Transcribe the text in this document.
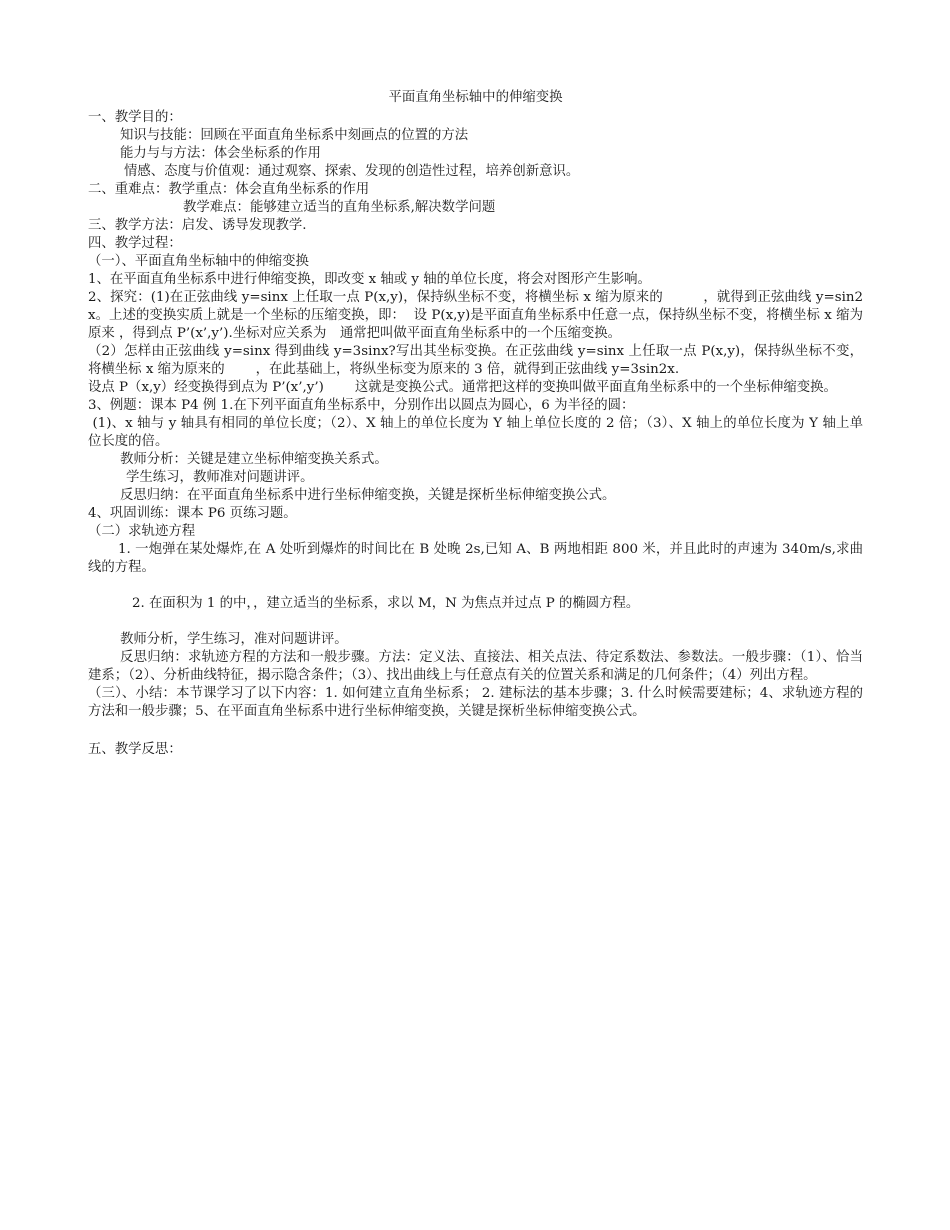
平面直角坐标轴中的伸缩变换

一、教学目的：

知识与技能：回顾在平面直角坐标系中刻画点的位置的方法

能力与与方法：体会坐标系的作用

情感、态度与价值观：通过观察、探索、发现的创造性过程，培养创新意识。

二、重难点：教学重点：体会直角坐标系的作用

教学难点：能够建立适当的直角坐标系,解决数学问题

三、教学方法：启发、诱导发现教学.

四、教学过程：

（一）、平面直角坐标轴中的伸缩变换

1、在平面直角坐标系中进行伸缩变换，即改变 x 轴或 y 轴的单位长度，将会对图形产生影响。

2、探究：(1)在正弦曲线 y=sinx 上任取一点 P(x,y)，保持纵坐标不变，将横坐标 x 缩为原来的　　　，就得到正弦曲线 y=sin2x。上述的变换实质上就是一个坐标的压缩变换，即：  设 P(x,y)是平面直角坐标系中任意一点，保持纵坐标不变，将横坐标 x 缩为原来 ，得到点 P’(x’,y’).坐标对应关系为　通常把叫做平面直角坐标系中的一个压缩变换。

（2）怎样由正弦曲线 y=sinx 得到曲线 y=3sinx?写出其坐标变换。在正弦曲线 y=sinx 上任取一点 P(x,y)，保持纵坐标不变，将横坐标 x 缩为原来的　　 ，在此基础上，将纵坐标变为原来的 3 倍，就得到正弦曲线 y=3sin2x.

设点 P（x,y）经变换得到点为 P’(x’,y’)　　 这就是变换公式。通常把这样的变换叫做平面直角坐标系中的一个坐标伸缩变换。

3、例题：课本 P4 例 1.在下列平面直角坐标系中，分别作出以圆点为圆心，6 为半径的圆：

(1)、x 轴与 y 轴具有相同的单位长度；（2）、X 轴上的单位长度为 Y 轴上单位长度的 2 倍；（3）、X 轴上的单位长度为 Y 轴上单位长度的倍。

教师分析：关键是建立坐标伸缩变换关系式。

学生练习，教师准对问题讲评。

反思归纳：在平面直角坐标系中进行坐标伸缩变换，关键是探析坐标伸缩变换公式。

4、巩固训练：课本 P6 页练习题。

（二）求轨迹方程

1. 一炮弹在某处爆炸,在 A 处听到爆炸的时间比在 B 处晚 2s,已知 A、B 两地相距 800 米，并且此时的声速为 340m/s,求曲线的方程。

2. 在面积为 1 的中，，建立适当的坐标系，求以 M，N 为焦点并过点 P 的椭圆方程。

教师分析，学生练习，准对问题讲评。

反思归纳：求轨迹方程的方法和一般步骤。方法：定义法、直接法、相关点法、待定系数法、参数法。一般步骤：（1）、恰当建系；（2）、分析曲线特征，揭示隐含条件；（3）、找出曲线上与任意点有关的位置关系和满足的几何条件；（4）列出方程。

（三）、小结：本节课学习了以下内容：1. 如何建立直角坐标系； 2. 建标法的基本步骤；3. 什么时候需要建标；4、求轨迹方程的方法和一般步骤；5、在平面直角坐标系中进行坐标伸缩变换，关键是探析坐标伸缩变换公式。

五、教学反思：
